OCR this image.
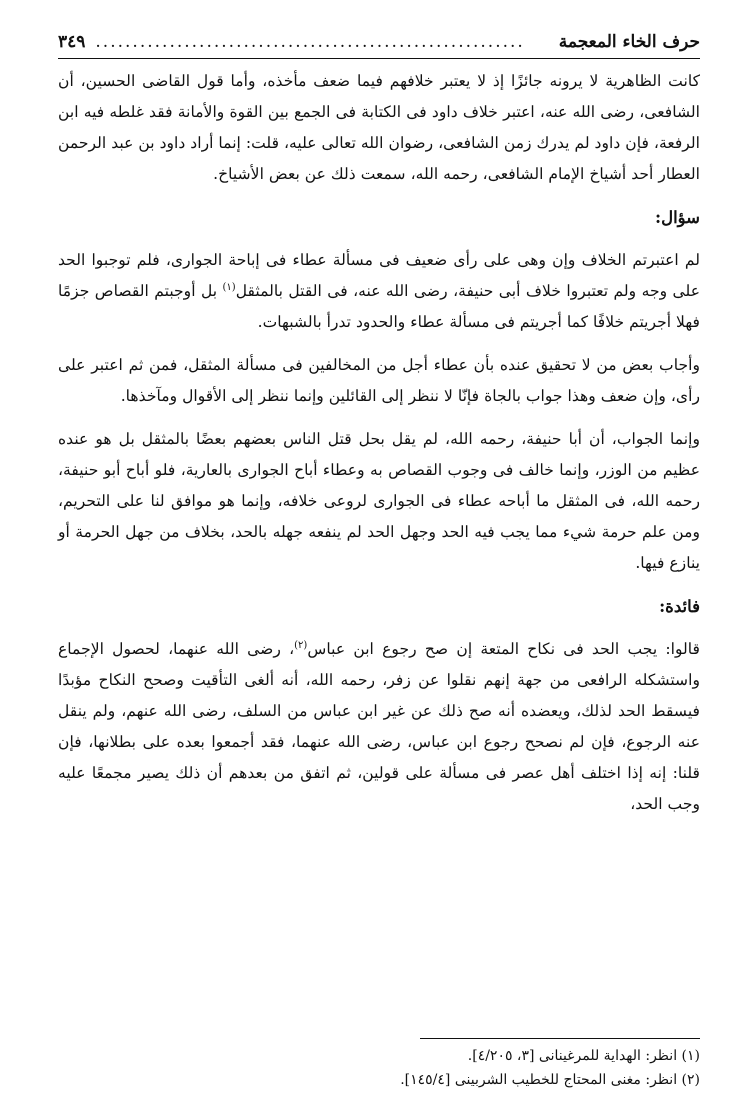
حرف الخاء المعجمة
..........................................................
٣٤٩

كانت الظاهرية لا يرونه جائزًا إذ لا يعتبر خلافهم فيما ضعف مأخذه، وأما قول القاضى الحسين، أن الشافعى، رضى الله عنه، اعتبر خلاف داود فى الكتابة فى الجمع بين القوة والأمانة فقد غلطه فيه ابن الرفعة، فإن داود لم يدرك زمن الشافعى، رضوان الله تعالى عليه، قلت: إنما أراد داود بن عبد الرحمن العطار أحد أشياخ الإمام الشافعى، رحمه الله، سمعت ذلك عن بعض الأشياخ.

سؤال:

لم اعتبرتم الخلاف وإن وهى على رأى ضعيف فى مسألة عطاء فى إباحة الجوارى، فلم توجبوا الحد على وجه ولم تعتبروا خلاف أبى حنيفة، رضى الله عنه، فى القتل بالمثقل$^{(١)}$ بل أوجبتم القصاص جزمًا فهلا أجريتم خلافًا كما أجريتم فى مسألة عطاء والحدود تدرأ بالشبهات.

وأجاب بعض من لا تحقيق عنده بأن عطاء أجل من المخالفين فى مسألة المثقل، فمن ثم اعتبر على رأى، وإن ضعف وهذا جواب بالجاة فإنّا لا ننظر إلى القائلين وإنما ننظر إلى الأقوال ومآخذها.

وإنما الجواب، أن أبا حنيفة، رحمه الله، لم يقل بحل قتل الناس بعضهم بعضًا بالمثقل بل هو عنده عظيم من الوزر، وإنما خالف فى وجوب القصاص به وعطاء أباح الجوارى بالعارية، فلو أباح أبو حنيفة، رحمه الله، فى المثقل ما أباحه عطاء فى الجوارى لروعى خلافه، وإنما هو موافق لنا على التحريم، ومن علم حرمة شيء مما يجب فيه الحد وجهل الحد لم ينفعه جهله بالحد، بخلاف من جهل الحرمة أو ينازع فيها.

فائدة:

قالوا: يجب الحد فى نكاح المتعة إن صح رجوع ابن عباس$^{(٢)}$، رضى الله عنهما، لحصول الإجماع واستشكله الرافعى من جهة إنهم نقلوا عن زفر، رحمه الله، أنه ألغى التأقيت وصحح النكاح مؤبدًا فيسقط الحد لذلك، ويعضده أنه صح ذلك عن غير ابن عباس من السلف، رضى الله عنهم، ولم ينقل عنه الرجوع، فإن لم نصحح رجوع ابن عباس، رضى الله عنهما، فقد أجمعوا بعده على بطلانها، فإن قلنا: إنه إذا اختلف أهل عصر فى مسألة على قولين، ثم اتفق من بعدهم أن ذلك يصير مجمعًا عليه وجب الحد،

(١) انظر: الهداية للمرغينانى [٣، ٤/٢٠٥].
(٢) انظر: مغنى المحتاج للخطيب الشربينى [١٤٥/٤].
